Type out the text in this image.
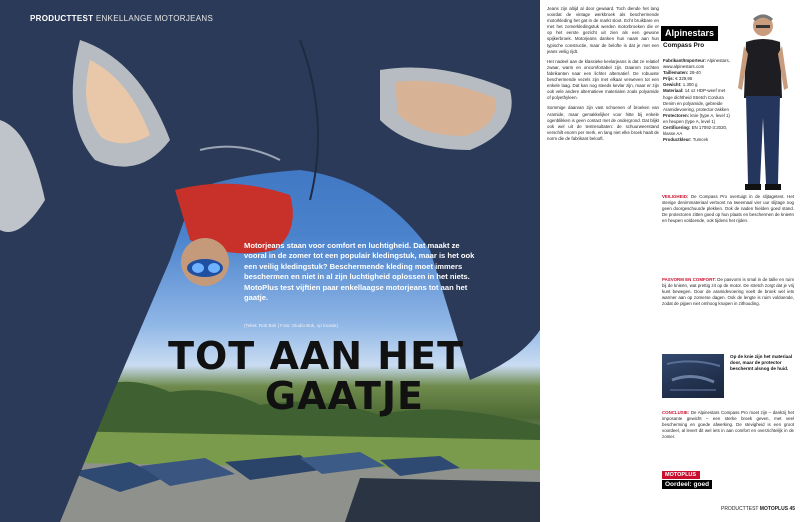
PRODUCTTEST ENKELLANGE MOTORJEANS
Motorjeans staan voor comfort en luchtigheid. Dat maakt ze vooral in de zomer tot een populair kledingstuk, maar is het ook een veilig kledingstuk? Beschermende kleding moet immers beschermen en niet in al zijn luchtigheid oplossen in het niets. MotoPlus test vijftien paar enkellaagse motorjeans tot aan het gaatje.
(Tekst: Rob Bok | Foto: Studio Bok, op locatie)
TOT AAN HET
GAATJE

Jeans zijn altijd al door gewaard. Toch diende het lang voordat de vintage werkbroek als beschermende motorkleding het gat in de markt sloot. Echt bruikbare en met het zomerkledingstuk werden motorbroeken die er op het eerste gezicht uit zien als een gewone spijkerbroek. Motorjeans danken hun naam aan hun typische constructie, maar de belofte is dat je met een jeans veilig rijdt.

Het nadeel aan de klassieke kevlarjeans is dat ze relatief zwaar, warm en oncomfortabel zijn. Daarom zochten fabrikanten naar een lichter alternatief. De robuuste beschermende vezels zijn met elkaar verweven tot een enkele laag. Dat kan nog steeds kevlar zijn, maar er zijn ook vele andere alternatieve materialen zoals polyamide of polyethyleen.

Sommige daarvan zijn vast schoenen of broeken van Aramide, maar gemakkelijker voor hitte bij enkele ogenblikken is geen contact met de ondergrond. Dat blijkt ook wel uit de testresultaten: de schuurweerstand verschilt enorm per merk, en lang niet elke broek haalt de norm die de fabrikant belooft.

Alpinestars
Compass Pro
Fabrikant/Importeur: Alpinestars, www.alpinestars.com
Taillematen: 28-40
Prijs: € 329,95
Gewicht: 1.300 g
Materiaal: 14 oz HDP-weef met hoge dichtheid Stretch Cordura Denim en polyamide, gebreide Aramidevoering, protector-zakken
Protectoren: knie (type A, level 1) en heupen (type A, level 1)
Certificering: EN 17092-3:2020, klasse AA
Productkleur: Tumcek
VEILIGHEID: De Compass Pro overtuigt in de slijtagetest. Het stevige denimmateriaal vertoont na tweemaal vier uur slijtage nog geen doorgeschuurde plekken. Ook de naden hielden goed stand. De protectoren zitten goed op hun plaats en beschermen de knieën en heupen voldoende, ook tijdens het rijden.
PASVORM EN COMFORT: De pasvorm is smal in de taille en ruim bij de knieën, wat prettig zit op de motor. De stretch zorgt dat je vrij kunt bewegen. Door de aramidevoering voelt de broek wel iets warmer aan op zomerse dagen. Ook de lengte is ruim voldoende, zodat de pijpen niet omhoog kruipen in zithouding.
Op de knie zijn het materiaal door, maar de protector beschermt alsnog de huid.
CONCLUSIE: De Alpinestars Compass Pro moet zijn – dankzij het imposante gewicht – een sterke broek geven, met veel bescherming en goede afwerking. De stevigheid is een groot voordeel, al levert dit wel iets in aan comfort en overzichtelijk in de zomer.
MOTOPLUS
Oordeel: goed
PRODUCTTEST MOTOPLUS 45
